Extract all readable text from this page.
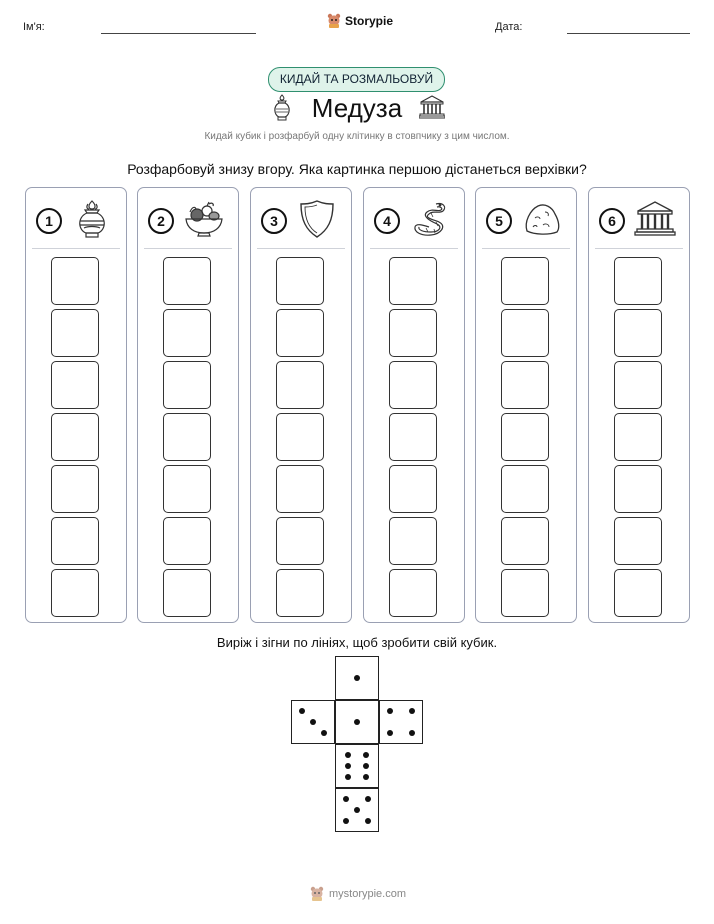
Ім'я:	Storypie	Дата:
КИДАЙ ТА РОЗМАЛЬОВУЙ
Медуза
Кидай кубик і розфарбуй одну клітинку в стовпчику з цим числом.
Розфарбовуй знизу вгору. Яка картинка першою дістанеться верхівки?
1	2	3	4	5	6
Виріж і зігни по лініях, щоб зробити свій кубик.
mystorypie.com
